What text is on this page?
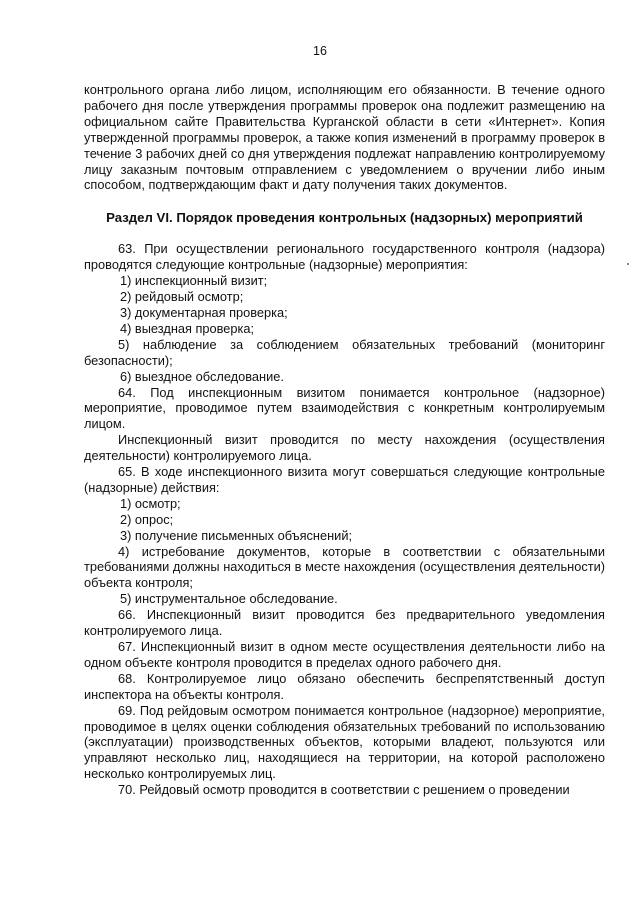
16

контрольного органа либо лицом, исполняющим его обязанности. В течение одного рабочего дня после утверждения программы проверок она подлежит размещению на официальном сайте Правительства Курганской области в сети «Интернет». Копия утвержденной программы проверок, а также копия изменений в программу проверок в течение 3 рабочих дней со дня утверждения подлежат направлению контролируемому лицу заказным почтовым отправлением с уведомлением о вручении либо иным способом, подтверждающим факт и дату получения таких документов.

Раздел VI. Порядок проведения контрольных (надзорных) мероприятий

63. При осуществлении регионального государственного контроля (надзора) проводятся следующие контрольные (надзорные) мероприятия:

1) инспекционный визит;

2) рейдовый осмотр;

3) документарная проверка;

4) выездная проверка;

5) наблюдение за соблюдением обязательных требований (мониторинг безопасности);

6) выездное обследование.

64. Под инспекционным визитом понимается контрольное (надзорное) мероприятие, проводимое путем взаимодействия с конкретным контролируемым лицом.

Инспекционный визит проводится по месту нахождения (осуществления деятельности) контролируемого лица.

65. В ходе инспекционного визита могут совершаться следующие контрольные (надзорные) действия:

1) осмотр;

2) опрос;

3) получение письменных объяснений;

4) истребование документов, которые в соответствии с обязательными требованиями должны находиться в месте нахождения (осуществления деятельности) объекта контроля;

5) инструментальное обследование.

66. Инспекционный визит проводится без предварительного уведомления контролируемого лица.

67. Инспекционный визит в одном месте осуществления деятельности либо на одном объекте контроля проводится в пределах одного рабочего дня.

68. Контролируемое лицо обязано обеспечить беспрепятственный доступ инспектора на объекты контроля.

69. Под рейдовым осмотром понимается контрольное (надзорное) мероприятие, проводимое в целях оценки соблюдения обязательных требований по использованию (эксплуатации) производственных объектов, которыми владеют, пользуются или управляют несколько лиц, находящиеся на территории, на которой расположено несколько контролируемых лиц.

70. Рейдовый осмотр проводится в соответствии с решением о проведении
